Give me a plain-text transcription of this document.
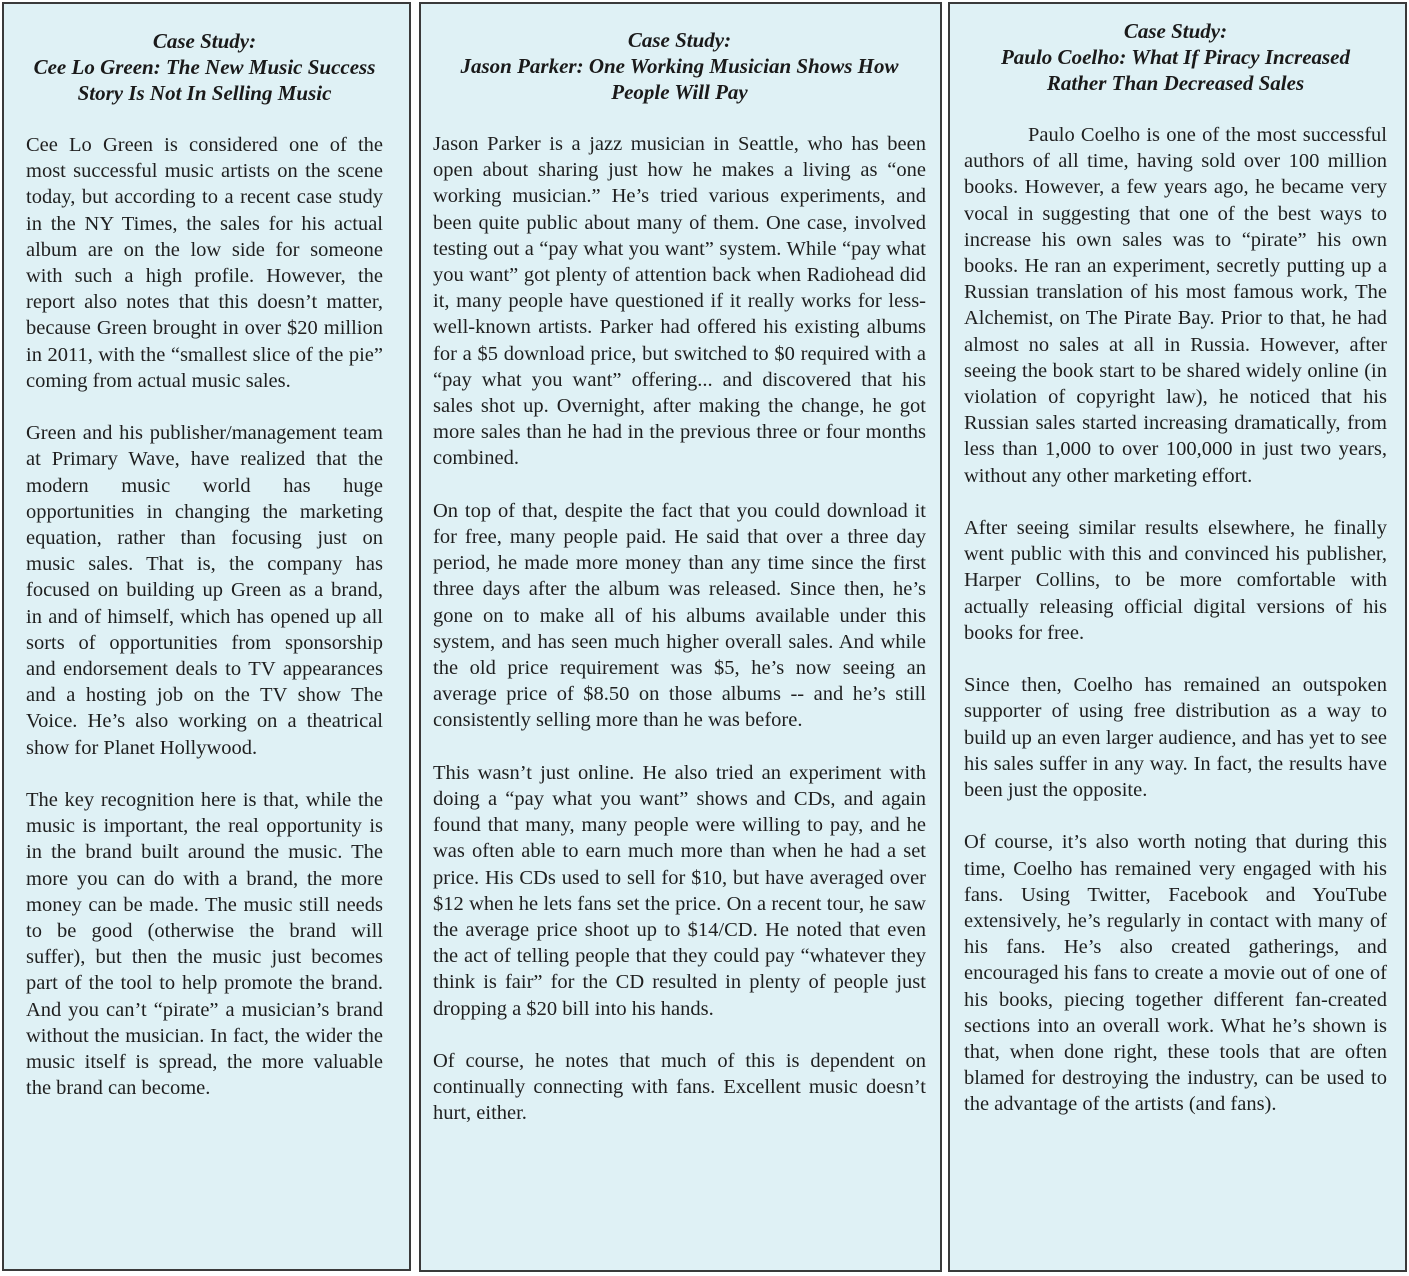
Case Study:
Cee Lo Green: The New Music Success
Story Is Not In Selling Music

Cee Lo Green is considered one of the most successful music artists on the scene today, but according to a recent case study in the NY Times, the sales for his actual album are on the low side for someone with such a high profile. However, the report also notes that this doesn’t matter, because Green brought in over $20 million in 2011, with the “smallest slice of the pie” coming from actual music sales.

Green and his publisher/management team at Primary Wave, have realized that the modern music world has huge opportunities in changing the marketing equation, rather than focusing just on music sales. That is, the company has focused on building up Green as a brand, in and of himself, which has opened up all sorts of opportunities from sponsorship and endorsement deals to TV appearances and a hosting job on the TV show The Voice. He’s also working on a theatrical show for Planet Hollywood.

The key recognition here is that, while the music is important, the real opportunity is in the brand built around the music. The more you can do with a brand, the more money can be made. The music still needs to be good (otherwise the brand will suffer), but then the music just becomes part of the tool to help promote the brand. And you can’t “pirate” a musician’s brand without the musician. In fact, the wider the music itself is spread, the more valuable the brand can become.

Case Study:
Jason Parker: One Working Musician Shows How
People Will Pay

Jason Parker is a jazz musician in Seattle, who has been open about sharing just how he makes a living as “one working musician.” He’s tried various experiments, and been quite public about many of them. One case, involved testing out a “pay what you want” system. While “pay what you want” got plenty of attention back when Radiohead did it, many people have questioned if it really works for less-well-known artists. Parker had offered his existing albums for a $5 download price, but switched to $0 required with a “pay what you want” offering... and discovered that his sales shot up. Overnight, after making the change, he got more sales than he had in the previous three or four months combined.

On top of that, despite the fact that you could download it for free, many people paid. He said that over a three day period, he made more money than any time since the first three days after the album was released. Since then, he’s gone on to make all of his albums available under this system, and has seen much higher overall sales. And while the old price requirement was $5, he’s now seeing an average price of $8.50 on those albums -- and he’s still consistently selling more than he was before.

This wasn’t just online. He also tried an experiment with doing a “pay what you want” shows and CDs, and again found that many, many people were willing to pay, and he was often able to earn much more than when he had a set price. His CDs used to sell for $10, but have averaged over $12 when he lets fans set the price. On a recent tour, he saw the average price shoot up to $14/CD. He noted that even the act of telling people that they could pay “whatever they think is fair” for the CD resulted in plenty of people just dropping a $20 bill into his hands.

Of course, he notes that much of this is dependent on continually connecting with fans. Excellent music doesn’t hurt, either.

Case Study:
Paulo Coelho: What If Piracy Increased
Rather Than Decreased Sales

Paulo Coelho is one of the most successful authors of all time, having sold over 100 million books. However, a few years ago, he became very vocal in suggesting that one of the best ways to increase his own sales was to “pirate” his own books. He ran an experiment, secretly putting up a Russian translation of his most famous work, The Alchemist, on The Pirate Bay. Prior to that, he had almost no sales at all in Russia. However, after seeing the book start to be shared widely online (in violation of copyright law), he noticed that his Russian sales started increasing dramatically, from less than 1,000 to over 100,000 in just two years, without any other marketing effort.

After seeing similar results elsewhere, he finally went public with this and convinced his publisher, Harper Collins, to be more comfortable with actually releasing official digital versions of his books for free.

Since then, Coelho has remained an outspoken supporter of using free distribution as a way to build up an even larger audience, and has yet to see his sales suffer in any way. In fact, the results have been just the opposite.

Of course, it’s also worth noting that during this time, Coelho has remained very engaged with his fans. Using Twitter, Facebook and YouTube extensively, he’s regularly in contact with many of his fans. He’s also created gatherings, and encouraged his fans to create a movie out of one of his books, piecing together different fan-created sections into an overall work. What he’s shown is that, when done right, these tools that are often blamed for destroying the industry, can be used to the advantage of the artists (and fans).
